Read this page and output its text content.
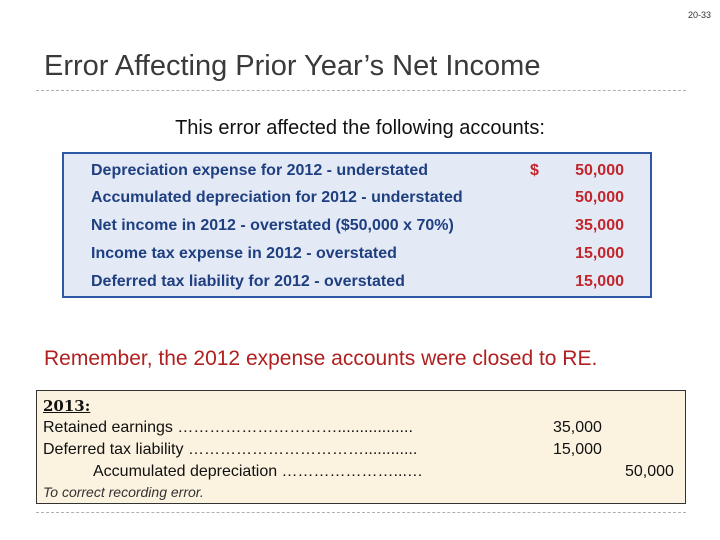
20-33
Error Affecting Prior Year’s Net Income
This error affected the following accounts:
Depreciation expense for 2012 - understated	$ 50,000
Accumulated depreciation for 2012 - understated	50,000
Net income in 2012 - overstated ($50,000 x 70%)	35,000
Income tax expense in 2012 - overstated	15,000
Deferred tax liability for 2012 - overstated	15,000
Remember, the 2012 expense accounts were closed to RE.
2013:
Retained earnings ………………………….................	35,000
Deferred tax liability ……………………………............	15,000
Accumulated depreciation …………………...…	50,000
To correct recording error.
